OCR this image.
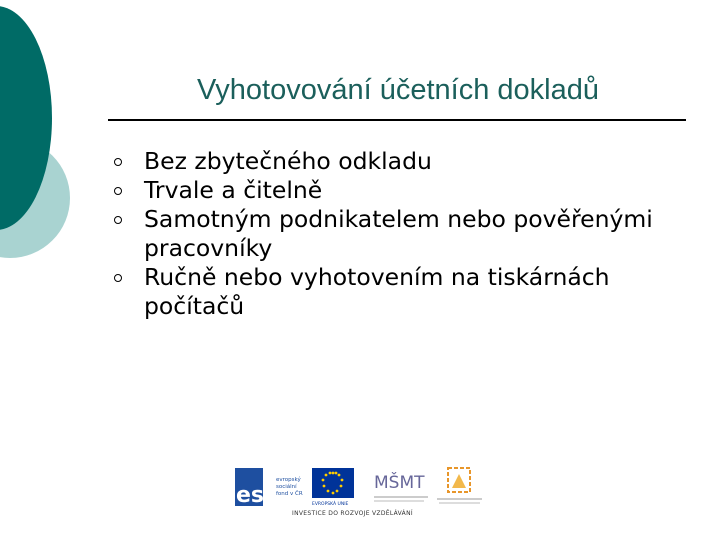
Vyhotovování účetních dokladů
Bez zbytečného odkladu
Trvale a čitelně
Samotným podnikatelem nebo pověřenými pracovníky
Ručně nebo vyhotovením na tiskárnách počítačů
esf
evropský
sociální
fond v ČR
EVROPSKÁ UNIE
MŠMT
INVESTICE DO ROZVOJE VZDĚLÁVÁNÍ
